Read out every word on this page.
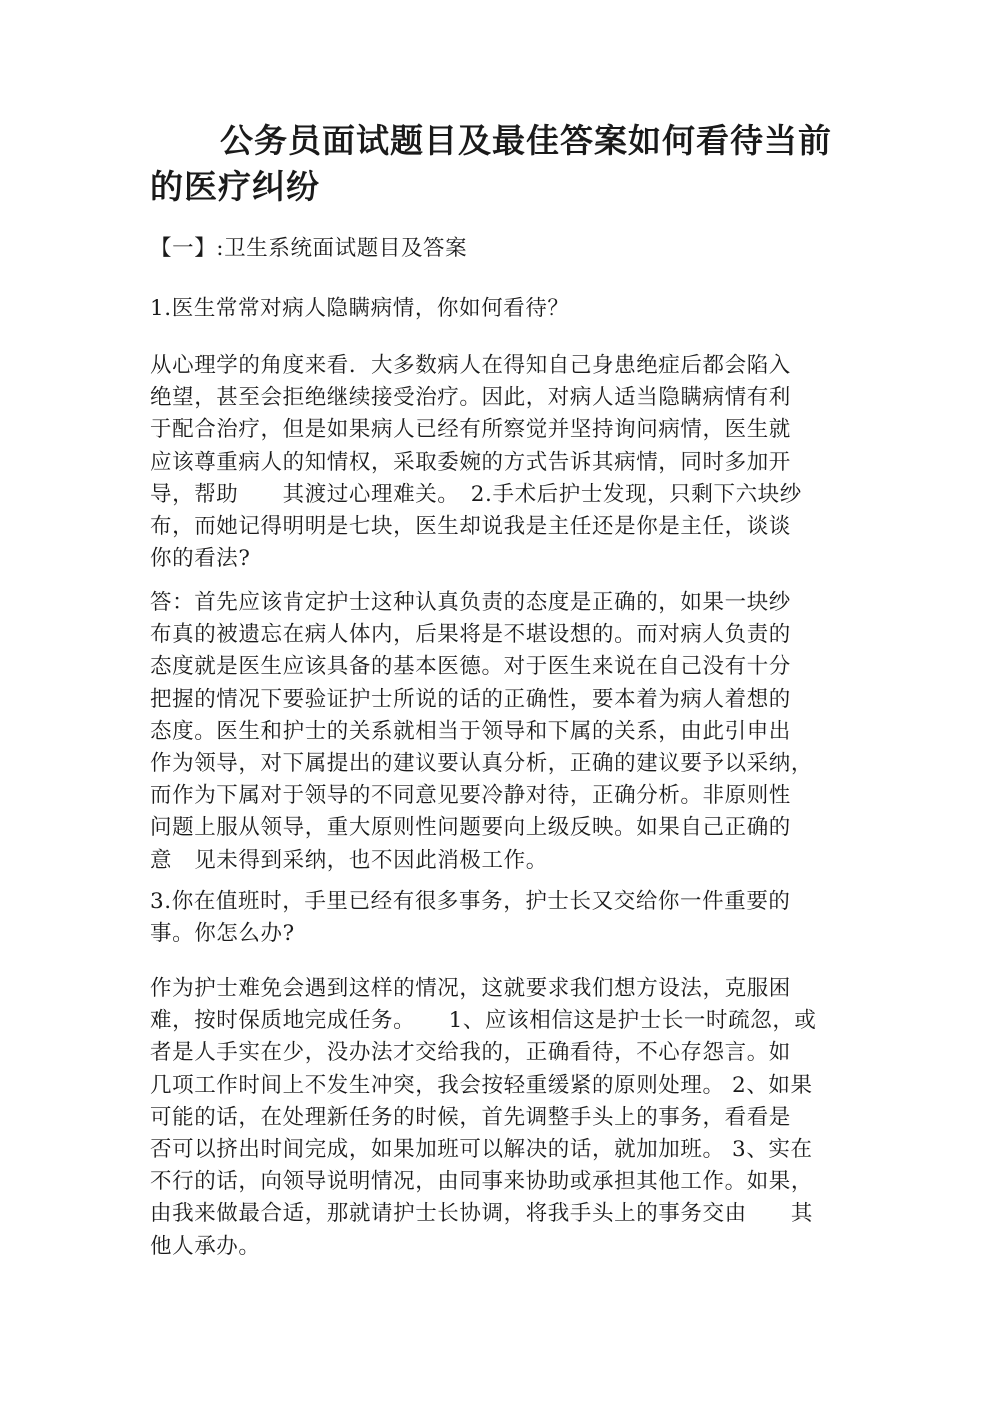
公务员面试题目及最佳答案如何看待当前
的医疗纠纷
【一】:卫生系统面试题目及答案
1.医生常常对病人隐瞒病情，你如何看待？
从心理学的角度来看．大多数病人在得知自己身患绝症后都会陷入
绝望，甚至会拒绝继续接受治疗。因此，对病人适当隐瞒病情有利
于配合治疗，但是如果病人已经有所察觉并坚持询问病情，医生就
应该尊重病人的知情权，采取委婉的方式告诉其病情，同时多加开
导，帮助　　其渡过心理难关。　2.手术后护士发现，只剩下六块纱
布，而她记得明明是七块，医生却说我是主任还是你是主任，谈谈
你的看法?
答：首先应该肯定护士这种认真负责的态度是正确的，如果一块纱
布真的被遗忘在病人体内，后果将是不堪设想的。而对病人负责的
态度就是医生应该具备的基本医德。对于医生来说在自己没有十分
把握的情况下要验证护士所说的话的正确性，要本着为病人着想的
态度。医生和护士的关系就相当于领导和下属的关系，由此引申出
作为领导，对下属提出的建议要认真分析，正确的建议要予以采纳，
而作为下属对于领导的不同意见要冷静对待，正确分析。非原则性
问题上服从领导，重大原则性问题要向上级反映。如果自己正确的
意　见未得到采纳，也不因此消极工作。
3.你在值班时，手里已经有很多事务，护士长又交给你一件重要的
事。你怎么办?
作为护士难免会遇到这样的情况，这就要求我们想方设法，克服困
难，按时保质地完成任务。　　1、应该相信这是护士长一时疏忽，或
者是人手实在少，没办法才交给我的，正确看待，不心存怨言。如
几项工作时间上不发生冲突，我会按轻重缓紧的原则处理。 2、如果
可能的话，在处理新任务的时候，首先调整手头上的事务，看看是
否可以挤出时间完成，如果加班可以解决的话，就加加班。 3、实在
不行的话，向领导说明情况，由同事来协助或承担其他工作。如果，
由我来做最合适，那就请护士长协调，将我手头上的事务交由　　其
他人承办。
